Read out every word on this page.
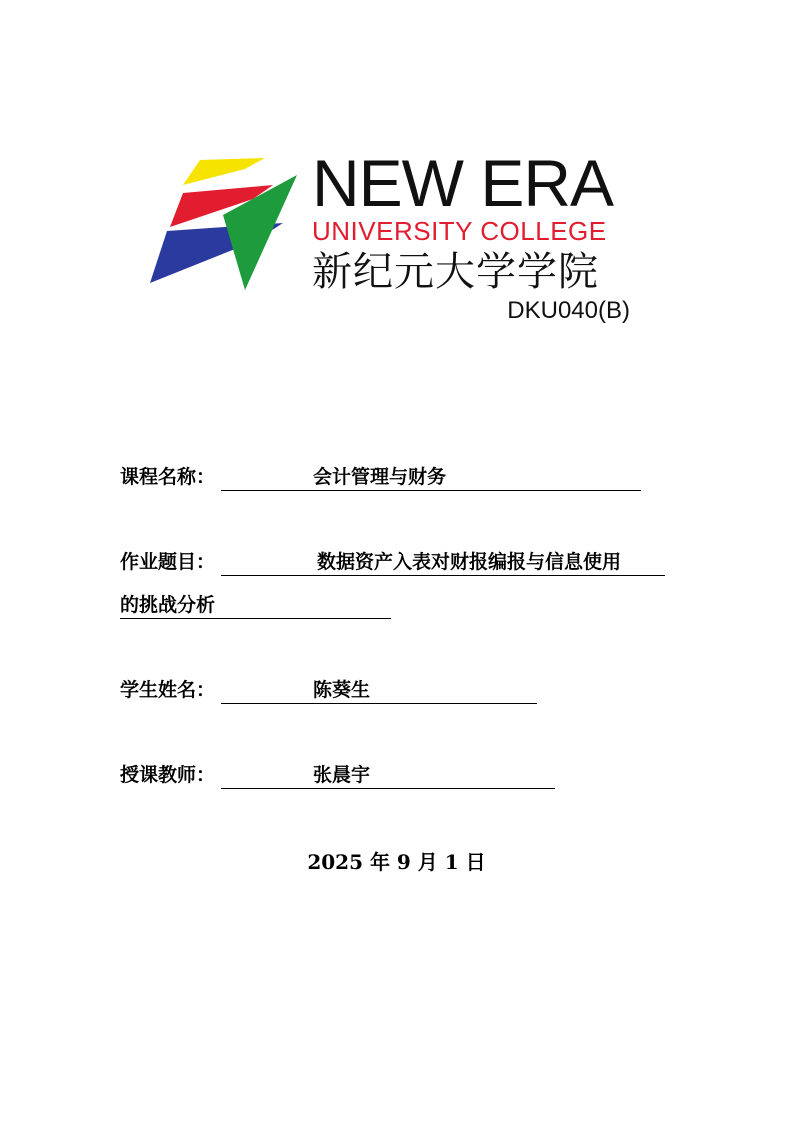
NEW ERA
UNIVERSITY COLLEGE
新纪元大学学院
DKU040(B)
课程名称：	会计管理与财务
作业题目：	数据资产入表对财报编报与信息使用
的挑战分析
学生姓名：	陈葵生
授课教师：	张晨宇
2025 年 9 月 1 日
